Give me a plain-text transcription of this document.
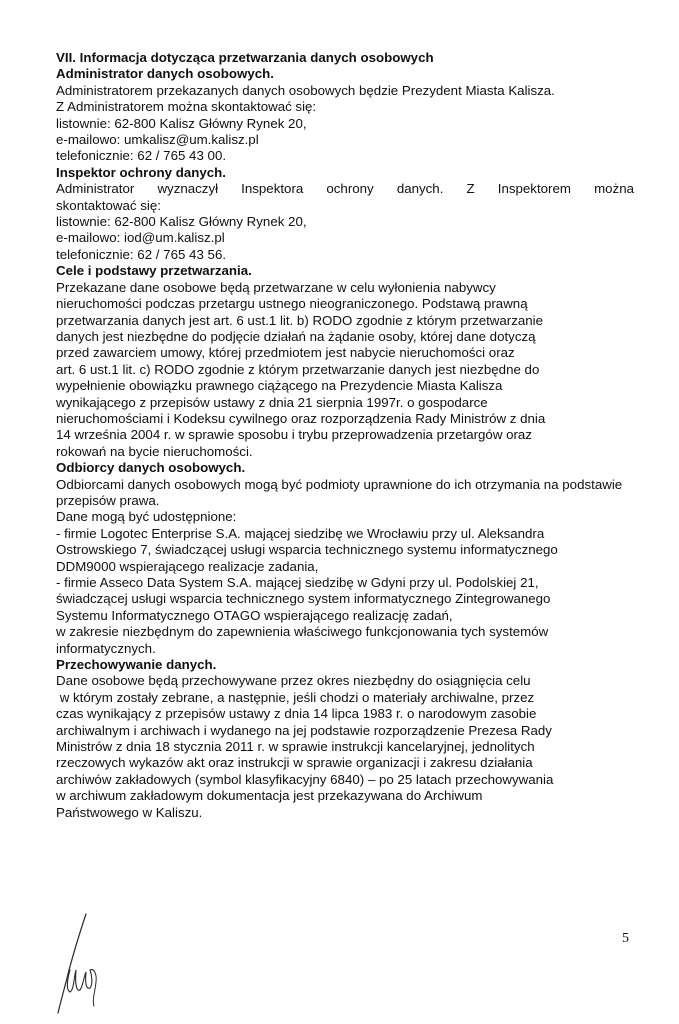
VII. Informacja dotycząca przetwarzania danych osobowych

Administrator danych osobowych.

Administratorem przekazanych danych osobowych będzie Prezydent Miasta Kalisza.

Z Administratorem można skontaktować się:

listownie: 62-800 Kalisz Główny Rynek 20,

e-mailowo: umkalisz@um.kalisz.pl

telefonicznie: 62 / 765 43 00.

Inspektor ochrony danych.

Administrator wyznaczył Inspektora ochrony danych. Z Inspektorem można

skontaktować się:

listownie: 62-800 Kalisz Główny Rynek 20,

e-mailowo: iod@um.kalisz.pl

telefonicznie: 62 / 765 43 56.

Cele i podstawy przetwarzania.

Przekazane dane osobowe będą przetwarzane w celu wyłonienia nabywcy

nieruchomości podczas przetargu ustnego nieograniczonego. Podstawą prawną

przetwarzania danych jest art. 6 ust.1 lit. b) RODO zgodnie z którym przetwarzanie

danych jest niezbędne do podjęcie działań na żądanie osoby, której dane dotyczą

przed zawarciem umowy, której przedmiotem jest nabycie nieruchomości oraz

art. 6 ust.1 lit. c) RODO zgodnie z którym przetwarzanie danych jest niezbędne do

wypełnienie obowiązku prawnego ciążącego na Prezydencie Miasta Kalisza

wynikającego z przepisów ustawy z dnia 21 sierpnia 1997r. o gospodarce

nieruchomościami i Kodeksu cywilnego oraz rozporządzenia Rady Ministrów z dnia

14 września 2004 r. w sprawie sposobu i trybu przeprowadzenia przetargów oraz

rokowań na bycie nieruchomości.

Odbiorcy danych osobowych.

Odbiorcami danych osobowych mogą być podmioty uprawnione do ich otrzymania na podstawie

przepisów prawa.

Dane mogą być udostępnione:

- firmie Logotec Enterprise S.A. mającej siedzibę we Wrocławiu przy ul. Aleksandra

Ostrowskiego 7, świadczącej usługi wsparcia technicznego systemu informatycznego

DDM9000 wspierającego realizacje zadania,

- firmie Asseco Data System S.A. mającej siedzibę w Gdyni przy ul. Podolskiej 21,

świadczącej usługi wsparcia technicznego system informatycznego Zintegrowanego

Systemu Informatycznego OTAGO wspierającego realizację zadań,

w zakresie niezbędnym do zapewnienia właściwego funkcjonowania tych systemów

informatycznych.

Przechowywanie danych.

Dane osobowe będą przechowywane przez okres niezbędny do osiągnięcia celu

w którym zostały zebrane, a następnie, jeśli chodzi o materiały archiwalne, przez

czas wynikający z przepisów ustawy z dnia 14 lipca 1983 r. o narodowym zasobie

archiwalnym i archiwach i wydanego na jej podstawie rozporządzenie Prezesa Rady

Ministrów z dnia 18 stycznia 2011 r. w sprawie instrukcji kancelaryjnej, jednolitych

rzeczowych wykazów akt oraz instrukcji w sprawie organizacji i zakresu działania

archiwów zakładowych (symbol klasyfikacyjny 6840) – po 25 latach przechowywania

w archiwum zakładowym dokumentacja jest przekazywana do Archiwum

Państwowego w Kaliszu.

5
